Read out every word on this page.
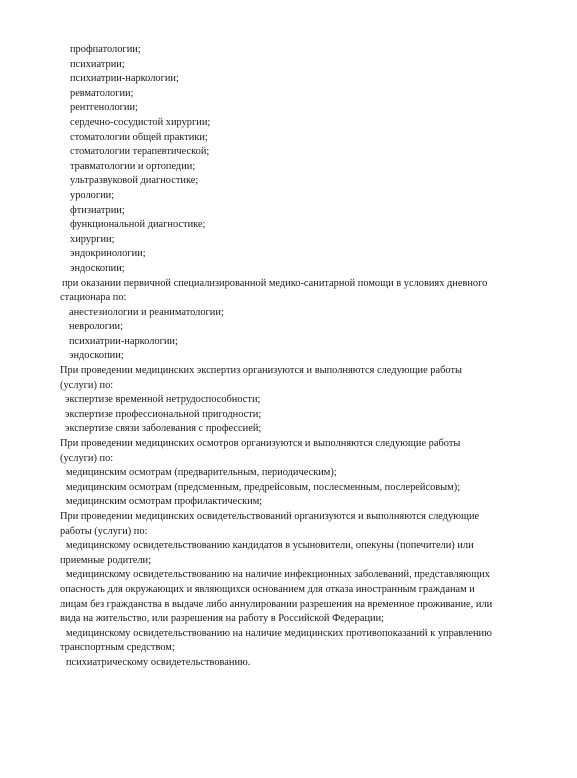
профпатологии;
психиатрии;
психиатрии-наркологии;
ревматологии;
рентгенологии;
сердечно-сосудистой хирургии;
стоматологии общей практики;
стоматологии терапевтической;
травматологии и ортопедии;
ультразвуковой диагностике;
урологии;
фтизиатрии;
функциональной диагностике;
хирургии;
эндокринологии;
эндоскопии;
при оказании первичной специализированной медико-санитарной помощи в условиях дневного
стационара по:
анестезиологии и реаниматологии;
неврологии;
психиатрии-наркологии;
эндоскопии;
При проведении медицинских экспертиз организуются и выполняются следующие работы
(услуги) по:
экспертизе временной нетрудоспособности;
экспертизе профессиональной пригодности;
экспертизе связи заболевания с профессией;
При проведении медицинских осмотров организуются и выполняются следующие работы
(услуги) по:
медицинским осмотрам (предварительным, периодическим);
медицинским осмотрам (предсменным, предрейсовым, послесменным, послерейсовым);
медицинским осмотрам профилактическим;
При проведении медицинских освидетельствований организуются и выполняются следующие
работы (услуги) по:
медицинскому освидетельствованию кандидатов в усыновители, опекуны (попечители) или
приемные родители;
медицинскому освидетельствованию на наличие инфекционных заболеваний, представляющих
опасность для окружающих и являющихся основанием для отказа иностранным гражданам и
лицам без гражданства в выдаче либо аннулировании разрешения на временное проживание, или
вида на жительство, или разрешения на работу в Российской Федерации;
медицинскому освидетельствованию на наличие медицинских противопоказаний к управлению
транспортным средством;
психиатрическому освидетельствованию.
